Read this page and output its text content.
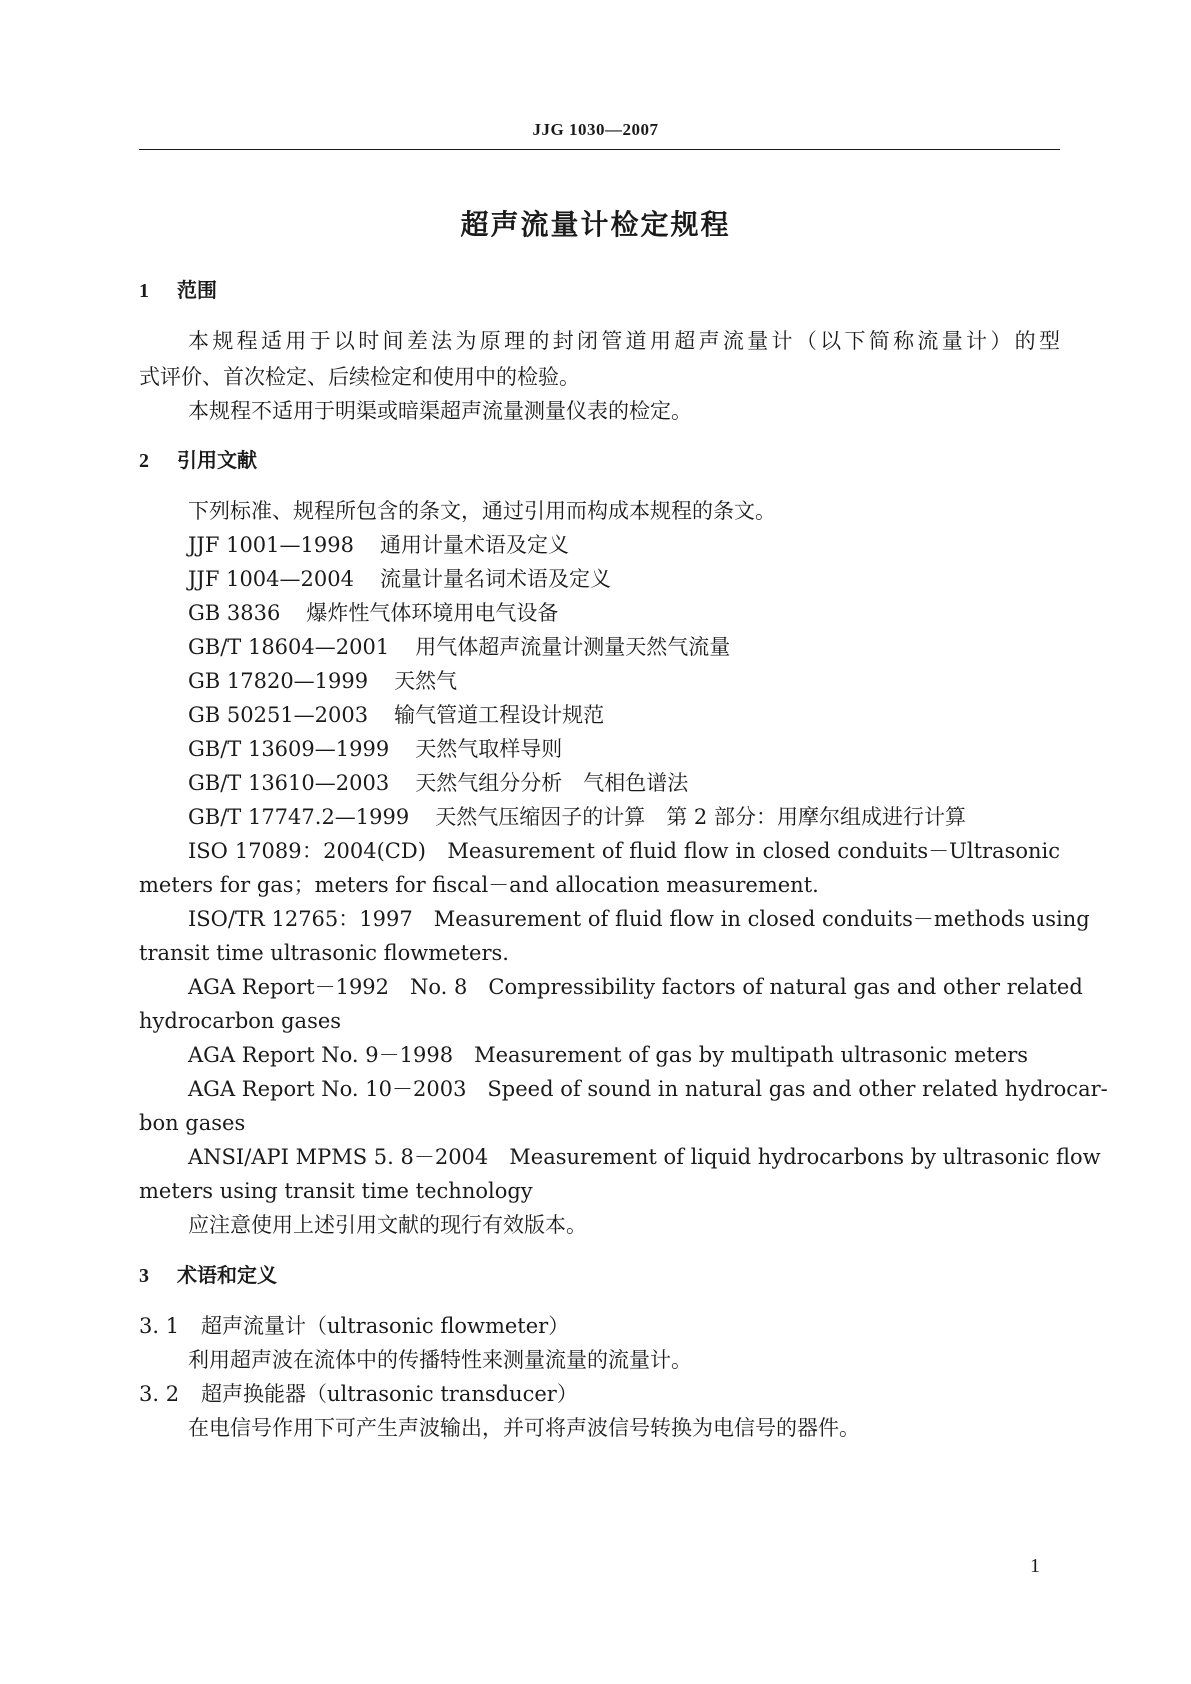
JJG 1030—2007
超声流量计检定规程
1 范围
本规程适用于以时间差法为原理的封闭管道用超声流量计（以下简称流量计）的型
式评价、首次检定、后续检定和使用中的检验。
本规程不适用于明渠或暗渠超声流量测量仪表的检定。
2 引用文献
下列标准、规程所包含的条文，通过引用而构成本规程的条文。
JJF 1001—1998 通用计量术语及定义
JJF 1004—2004 流量计量名词术语及定义
GB 3836 爆炸性气体环境用电气设备
GB/T 18604—2001 用气体超声流量计测量天然气流量
GB 17820—1999 天然气
GB 50251—2003 输气管道工程设计规范
GB/T 13609—1999 天然气取样导则
GB/T 13610—2003 天然气组分分析　气相色谱法
GB/T 17747.2—1999 天然气压缩因子的计算　第 2 部分：用摩尔组成进行计算
ISO 17089：2004(CD)　Measurement of fluid flow in closed conduits－Ultrasonic
meters for gas；meters for fiscal－and allocation measurement.
ISO/TR 12765：1997　Measurement of fluid flow in closed conduits－methods using
transit time ultrasonic flowmeters.
AGA Report－1992　No. 8　Compressibility factors of natural gas and other related
hydrocarbon gases
AGA Report No. 9－1998　Measurement of gas by multipath ultrasonic meters
AGA Report No. 10－2003　Speed of sound in natural gas and other related hydrocar-
bon gases
ANSI/API MPMS 5. 8－2004　Measurement of liquid hydrocarbons by ultrasonic flow
meters using transit time technology
应注意使用上述引用文献的现行有效版本。
3 术语和定义
3. 1 超声流量计（ultrasonic flowmeter）
利用超声波在流体中的传播特性来测量流量的流量计。
3. 2 超声换能器（ultrasonic transducer）
在电信号作用下可产生声波输出，并可将声波信号转换为电信号的器件。
1
